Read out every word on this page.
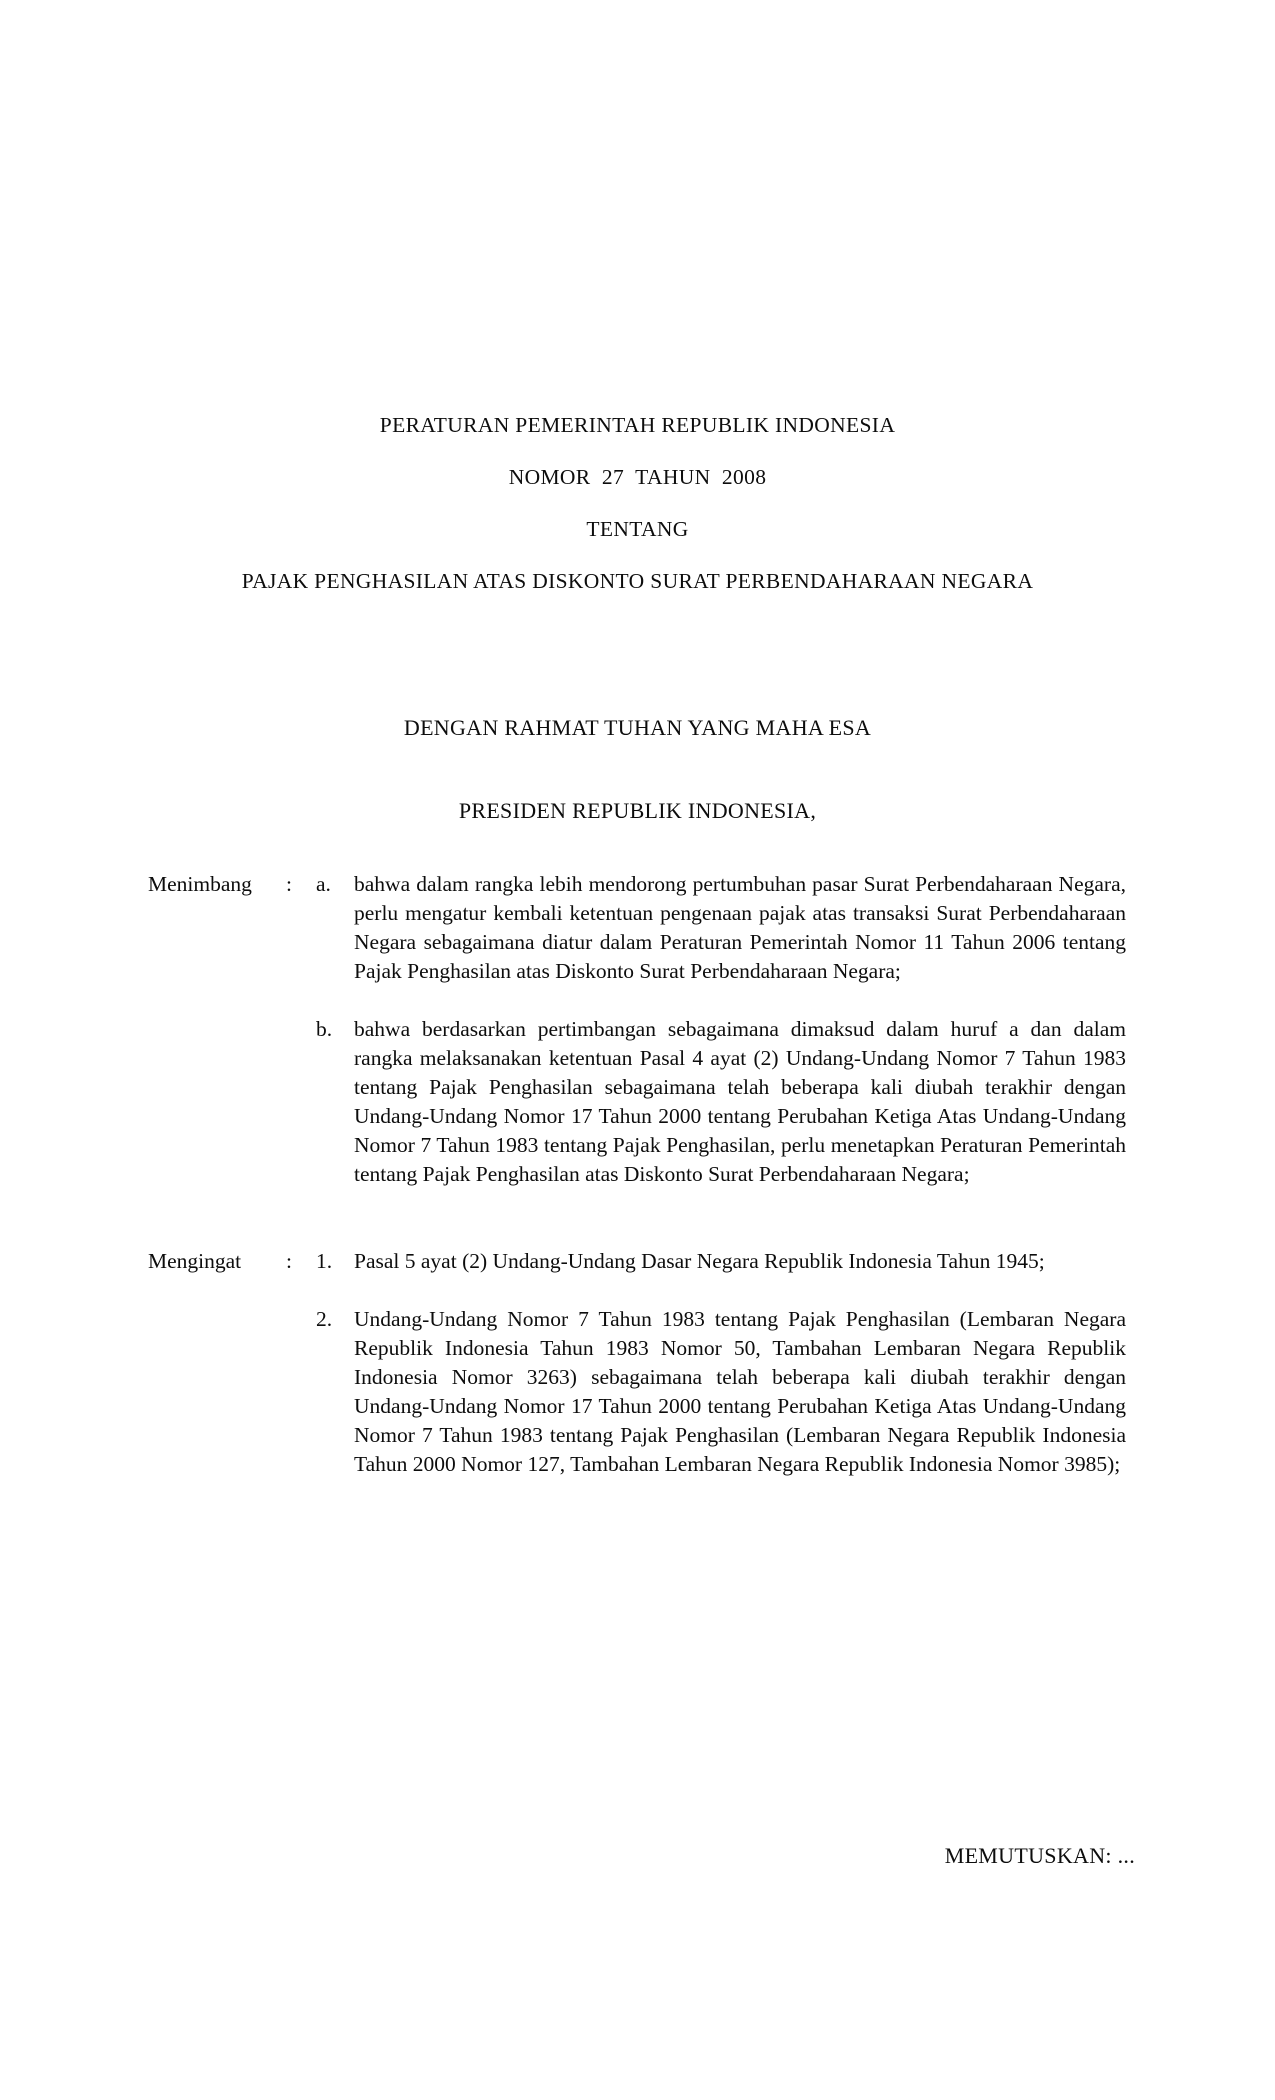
PERATURAN PEMERINTAH REPUBLIK INDONESIA

NOMOR  27  TAHUN  2008

TENTANG

PAJAK PENGHASILAN ATAS DISKONTO SURAT PERBENDAHARAAN NEGARA

DENGAN RAHMAT TUHAN YANG MAHA ESA
PRESIDEN REPUBLIK INDONESIA,
Menimbang	:	a.	bahwa dalam rangka lebih mendorong pertumbuhan pasar Surat Perbendaharaan Negara, perlu mengatur kembali ketentuan pengenaan pajak atas transaksi Surat Perbendaharaan Negara sebagaimana diatur dalam Peraturan Pemerintah Nomor 11 Tahun 2006 tentang Pajak Penghasilan atas Diskonto Surat Perbendaharaan Negara;
b.	bahwa berdasarkan pertimbangan sebagaimana dimaksud dalam huruf a dan dalam rangka melaksanakan ketentuan Pasal 4 ayat (2) Undang-Undang Nomor 7 Tahun 1983 tentang Pajak Penghasilan sebagaimana telah beberapa kali diubah terakhir dengan Undang-Undang Nomor 17 Tahun 2000 tentang Perubahan Ketiga Atas Undang-Undang Nomor 7 Tahun 1983 tentang Pajak Penghasilan, perlu menetapkan Peraturan Pemerintah tentang Pajak Penghasilan atas Diskonto Surat Perbendaharaan Negara;
Mengingat	:	1.	Pasal 5 ayat (2) Undang-Undang Dasar Negara Republik Indonesia Tahun 1945;
2.	Undang-Undang Nomor 7 Tahun 1983 tentang Pajak Penghasilan (Lembaran Negara Republik Indonesia Tahun 1983 Nomor 50, Tambahan Lembaran Negara Republik Indonesia Nomor 3263) sebagaimana telah beberapa kali diubah terakhir dengan Undang-Undang Nomor 17 Tahun 2000 tentang Perubahan Ketiga Atas Undang-Undang Nomor 7 Tahun 1983 tentang Pajak Penghasilan (Lembaran Negara Republik Indonesia Tahun 2000 Nomor 127, Tambahan Lembaran Negara Republik Indonesia Nomor 3985);
MEMUTUSKAN: ...
